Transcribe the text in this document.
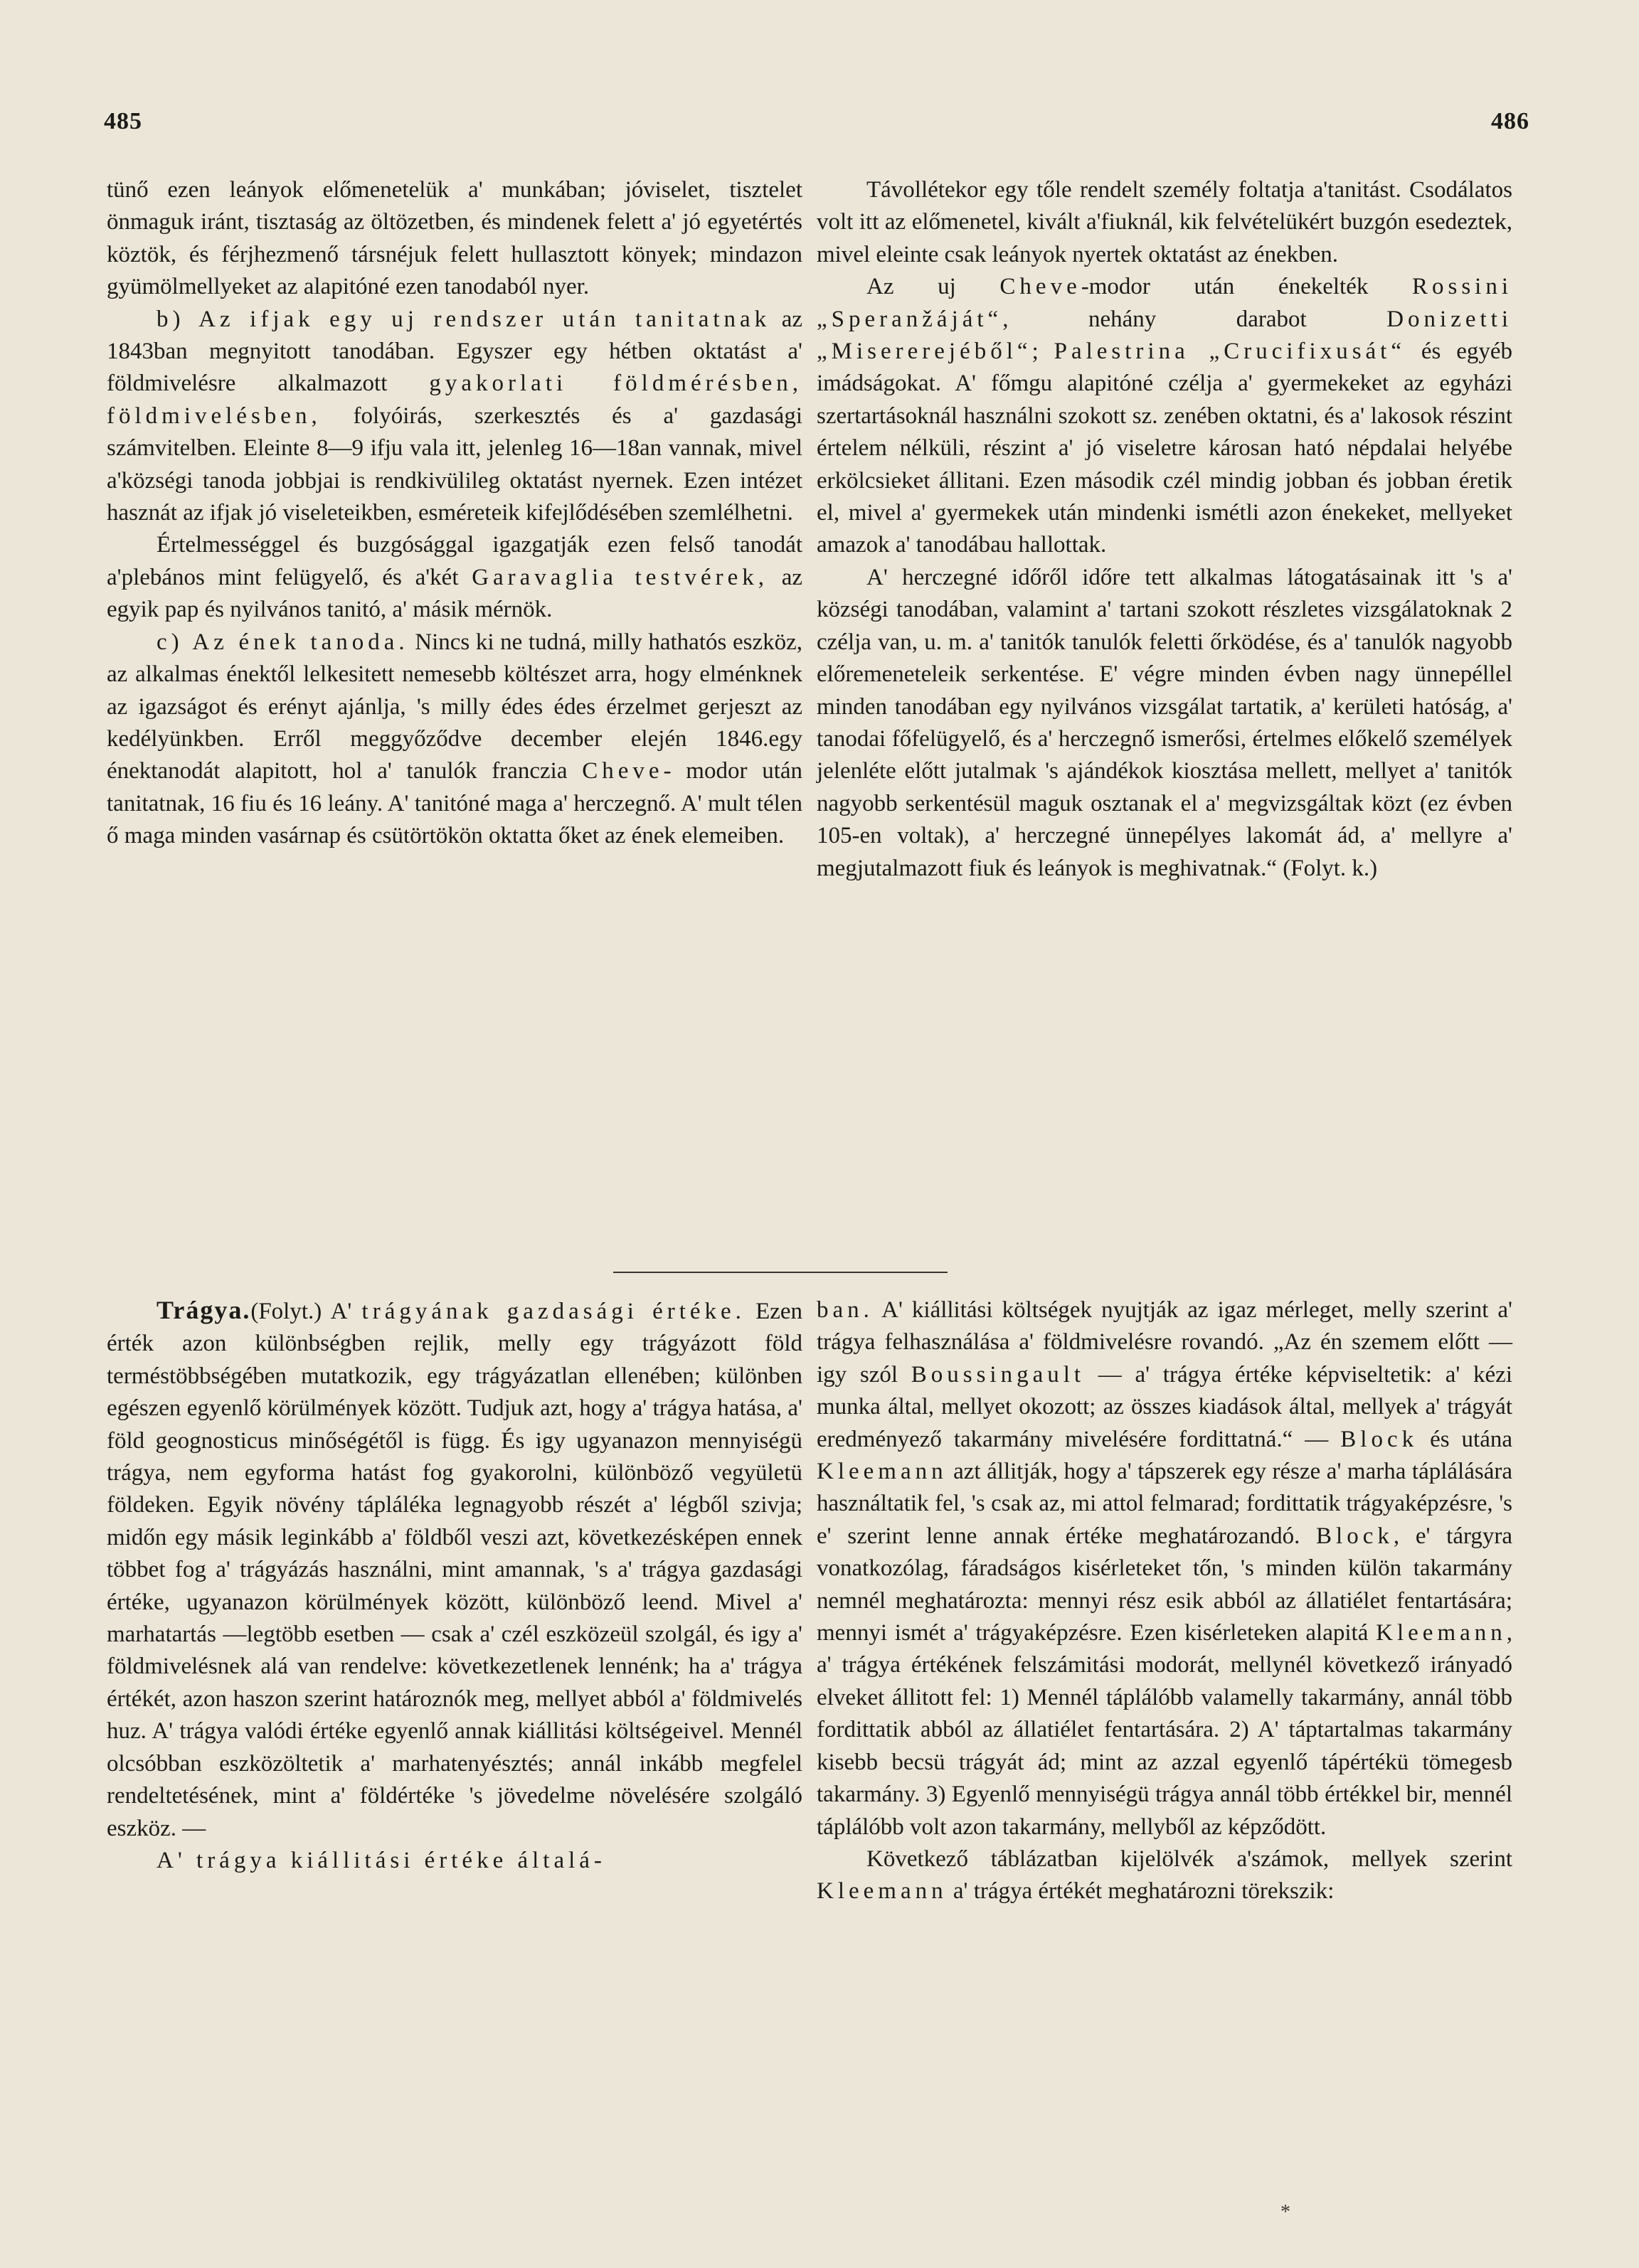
485	486

tünő ezen leányok előmenetelük a' munkában; jóviselet, tisztelet önmaguk iránt, tisztaság az öltözetben, és mindenek felett a' jó egyetértés köztök, és férjhezmenő társnéjuk felett hullasztott könyek; mindazon gyümölmellyeket az alapitóné ezen tanodaból nyer.

b) Az ifjak egy uj rendszer után tanitatnak az 1843ban megnyitott tanodában. Egyszer egy hétben oktatást a' földmivelésre alkalmazott gyakorlati földmérésben, földmivelésben, folyóirás, szerkesztés és a' gazdasági számvitelben. Eleinte 8—9 ifju vala itt, jelenleg 16—18an vannak, mivel a'községi tanoda jobbjai is rendkivülileg oktatást nyernek. Ezen intézet hasznát az ifjak jó viseleteikben, esméreteik kifejlődésében szemlélhetni.

Értelmességgel és buzgósággal igazgatják ezen felső tanodát a'plebános mint felügyelő, és a'két Garavaglia testvérek, az egyik pap és nyilvános tanitó, a' másik mérnök.

c) Az ének tanoda. Nincs ki ne tudná, milly hathatós eszköz, az alkalmas énektől lelkesitett nemesebb költészet arra, hogy elménknek az igazságot és erényt ajánlja, 's milly édes édes érzelmet gerjeszt az kedélyünkben. Erről meggyőződve december elején 1846.egy énektanodát alapitott, hol a' tanulók franczia Cheve- modor után tanitatnak, 16 fiu és 16 leány. A' tanitóné maga a' herczegnő. A' mult télen ő maga minden vasárnap és csütörtökön oktatta őket az ének elemeiben.

Távollétekor egy tőle rendelt személy foltatja a'tanitást. Csodálatos volt itt az előmenetel, kivált a'fiuknál, kik felvételükért buzgón esedeztek, mivel eleinte csak leányok nyertek oktatást az énekben.

Az uj Cheve-modor után énekelték Rossini „Speranžáját“, nehány darabot	Donizetti „Misererejéből“; Palestrina „Crucifixusát“ és egyéb imádságokat. A' főmgu alapitóné czélja a' gyermekeket az egyházi szertartásoknál használni szokott sz. zenében oktatni, és a' lakosok részint értelem nélküli, részint a' jó viseletre károsan ható népdalai helyébe erkölcsieket állitani. Ezen második czél mindig jobban és jobban éretik el, mivel a' gyermekek után mindenki ismétli azon énekeket, mellyeket amazok a' tanodábau hallottak.

A' herczegné időről időre tett alkalmas látogatásainak itt 's a' községi tanodában, valamint a' tartani szokott részletes vizsgálatoknak 2 czélja van, u. m. a' tanitók tanulók feletti őrködése, és a' tanulók nagyobb előremeneteleik serkentése. E' végre minden évben nagy ünnepéllel minden tanodában egy nyilvános vizsgálat tartatik, a' kerületi hatóság, a' tanodai főfelügyelő, és a' herczegnő ismerősi, értelmes előkelő személyek jelenléte előtt jutalmak 's ajándékok kiosztása mellett, mellyet a' tanitók nagyobb serkentésül maguk osztanak el a' megvizsgáltak közt (ez évben 105-en voltak), a' herczegné ünnepélyes lakomát ád, a' mellyre a' megjutalmazott fiuk és leányok is meghivatnak.“ (Folyt. k.)

Trágya.(Folyt.) A' trágyának gazdasági értéke. Ezen érték azon különbségben rejlik, melly egy trágyázott föld terméstöbbségében mutatkozik, egy trágyázatlan ellenében; különben egészen egyenlő körülmények között. Tudjuk azt, hogy a' trágya hatása, a' föld geognosticus minőségétől is függ. És igy ugyanazon mennyiségü trágya, nem egyforma hatást fog gyakorolni, különböző vegyületü földeken. Egyik növény tápláléka legnagyobb részét a' légből szivja; midőn egy másik leginkább a' földből veszi azt, következésképen ennek többet fog a' trágyázás használni, mint amannak, 's a' trágya gazdasági értéke, ugyanazon körülmények között, különböző leend. Mivel a' marhatartás —legtöbb esetben — csak a' czél eszközeül szolgál, és igy a' földmivelésnek alá van rendelve: következetlenek lennénk; ha a' trágya értékét, azon haszon szerint határoznók meg, mellyet abból a' földmivelés huz. A' trágya valódi értéke egyenlő annak kiállitási költségeivel. Mennél olcsóbban eszközöltetik a' marhatenyésztés; annál inkább megfelel rendeltetésének, mint a' földértéke 's jövedelme növelésére szolgáló eszköz. —

A' trágya kiállitási értéke általá-

ban. A' kiállitási költségek nyujtják az igaz mérleget, melly szerint a' trágya felhasználása a' földmivelésre rovandó. „Az én szemem előtt — igy szól Boussingault — a' trágya értéke képviseltetik: a' kézi munka által, mellyet okozott; az összes kiadások által, mellyek a' trágyát eredményező takarmány mivelésére fordittatná.“ — Block és utána Kleemann azt állitják, hogy a' tápszerek egy része a' marha táplálására használtatik fel, 's csak az, mi attol felmarad; fordittatik trágyaképzésre, 's e' szerint lenne annak értéke meghatározandó. Block, e' tárgyra vonatkozólag, fáradságos kisérleteket tőn, 's minden külön takarmány nemnél meghatározta: mennyi rész esik abból az állatiélet fentartására; mennyi ismét a' trágyaképzésre. Ezen kisérleteken alapitá Kleemann, a' trágya értékének felszámitási modorát, mellynél következő irányadó elveket állitott fel: 1) Mennél táplálóbb valamelly takarmány, annál több fordittatik abból az állatiélet fentartására. 2) A' táptartalmas takarmány kisebb becsü trágyát ád; mint az azzal egyenlő tápértékü tömegesb takarmány. 3) Egyenlő mennyiségü trágya annál több értékkel bir, mennél táplálóbb volt azon takarmány, mellyből az képződött.

Következő táblázatban kijelölvék a'számok, mellyek szerint Kleemann a' trágya értékét meghatározni törekszik:

*
